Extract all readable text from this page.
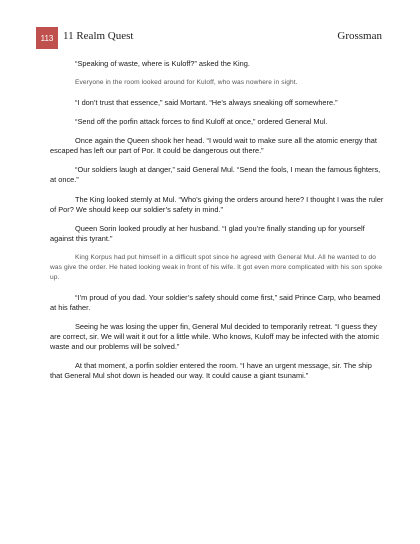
113 11 Realm Quest	Grossman

“Speaking of waste, where is Kuloff?” asked the King.

Everyone in the room looked around for Kuloff, who was nowhere in sight.

“I don’t trust that essence,” said Mortant. “He’s always sneaking off somewhere.”

“Send off the porfin attack forces to find Kuloff at once,” ordered General Mul.

Once again the Queen shook her head. “I would wait to make sure all the atomic energy that escaped has left our part of Por. It could be dangerous out there.”

“Our soldiers laugh at danger,” said General Mul. “Send the fools, I mean the famous fighters, at once.”

The King looked sternly at Mul. “Who’s giving the orders around here? I thought I was the ruler of Por? We should keep our soldier’s safety in mind.”

Queen Sorin looked proudly at her husband. “I glad you’re finally standing up for yourself against this tyrant.”

King Korpus had put himself in a difficult spot since he agreed with General Mul. All he wanted to do was give the order. He hated looking weak in front of his wife. It got even more complicated with his son spoke up.

“I’m proud of you dad. Your soldier’s safety should come first,” said Prince Carp, who beamed at his father.

Seeing he was losing the upper fin, General Mul decided to temporarily retreat. “I guess they are correct, sir. We will wait it out for a little while. Who knows, Kuloff may be infected with the atomic waste and our problems will be solved.”

At that moment, a porfin soldier entered the room. “I have an urgent message, sir. The ship that General Mul shot down is headed our way. It could cause a giant tsunami.”
